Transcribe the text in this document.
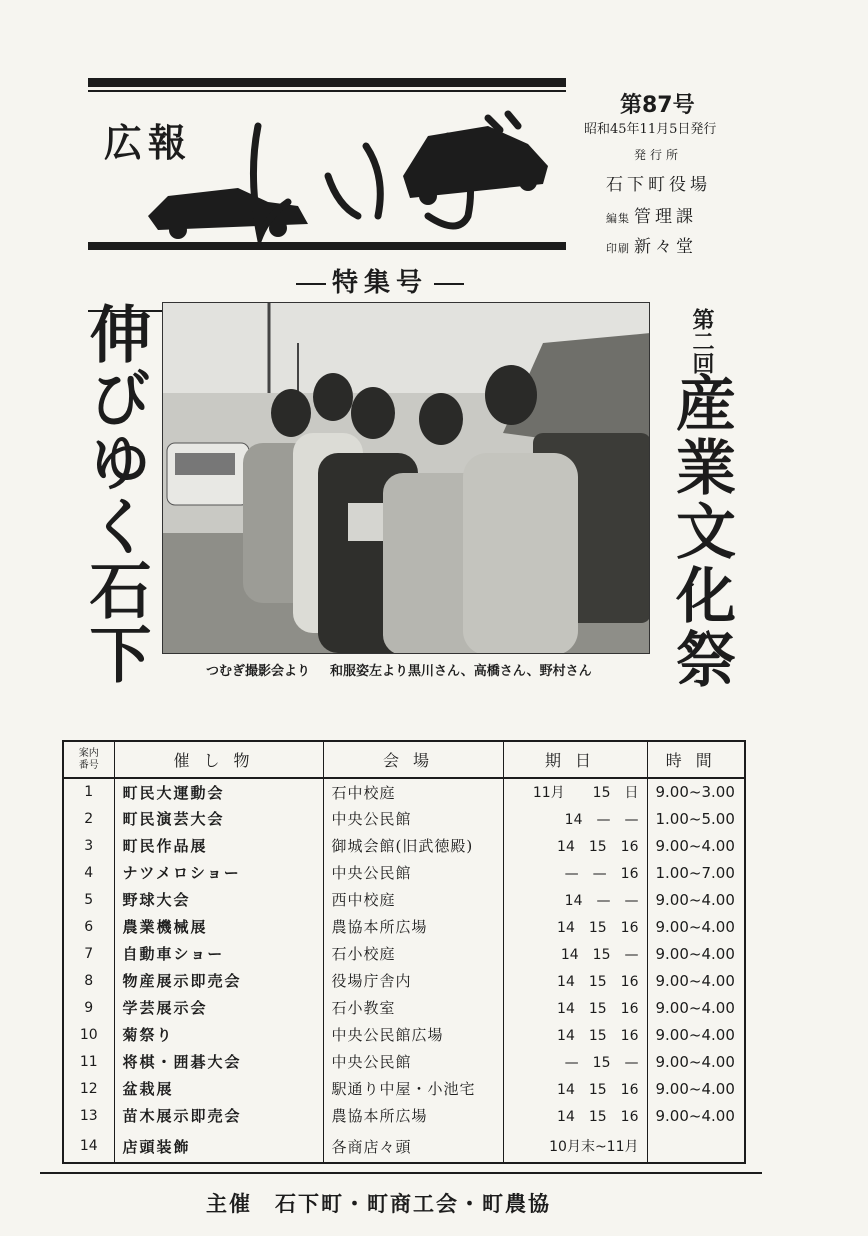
広報
特集号
第87号
昭和45年11月5日発行
発行所
石下町役場
編集 管理課
印刷 新々堂
伸びゆく石下	第二回
産業文化祭
つむぎ撮影会より 和服姿左より黒川さん、高橋さん、野村さん
案内
番号	催し物	会場	期日	時間
1	町民大運動会	石中校庭	11月　　15　日	9.00~3.00
2	町民演芸大会	中央公民館	14　—　—	1.00~5.00
3	町民作品展	御城会館(旧武徳殿)	14　15　16	9.00~4.00
4	ナツメロショー	中央公民館	—　—　16	1.00~7.00
5	野球大会	西中校庭	14　—　—	9.00~4.00
6	農業機械展	農協本所広場	14　15　16	9.00~4.00
7	自動車ショー	石小校庭	14　15　—	9.00~4.00
8	物産展示即売会	役場庁舎内	14　15　16	9.00~4.00
9	学芸展示会	石小教室	14　15　16	9.00~4.00
10	菊祭り	中央公民館広場	14　15　16	9.00~4.00
11	将棋・囲碁大会	中央公民館	—　15　—	9.00~4.00
12	盆栽展	駅通り中屋・小池宅	14　15　16	9.00~4.00
13	苗木展示即売会	農協本所広場	14　15　16	9.00~4.00
14	店頭装飾	各商店々頭	10月末~11月	
主催　石下町・町商工会・町農協
